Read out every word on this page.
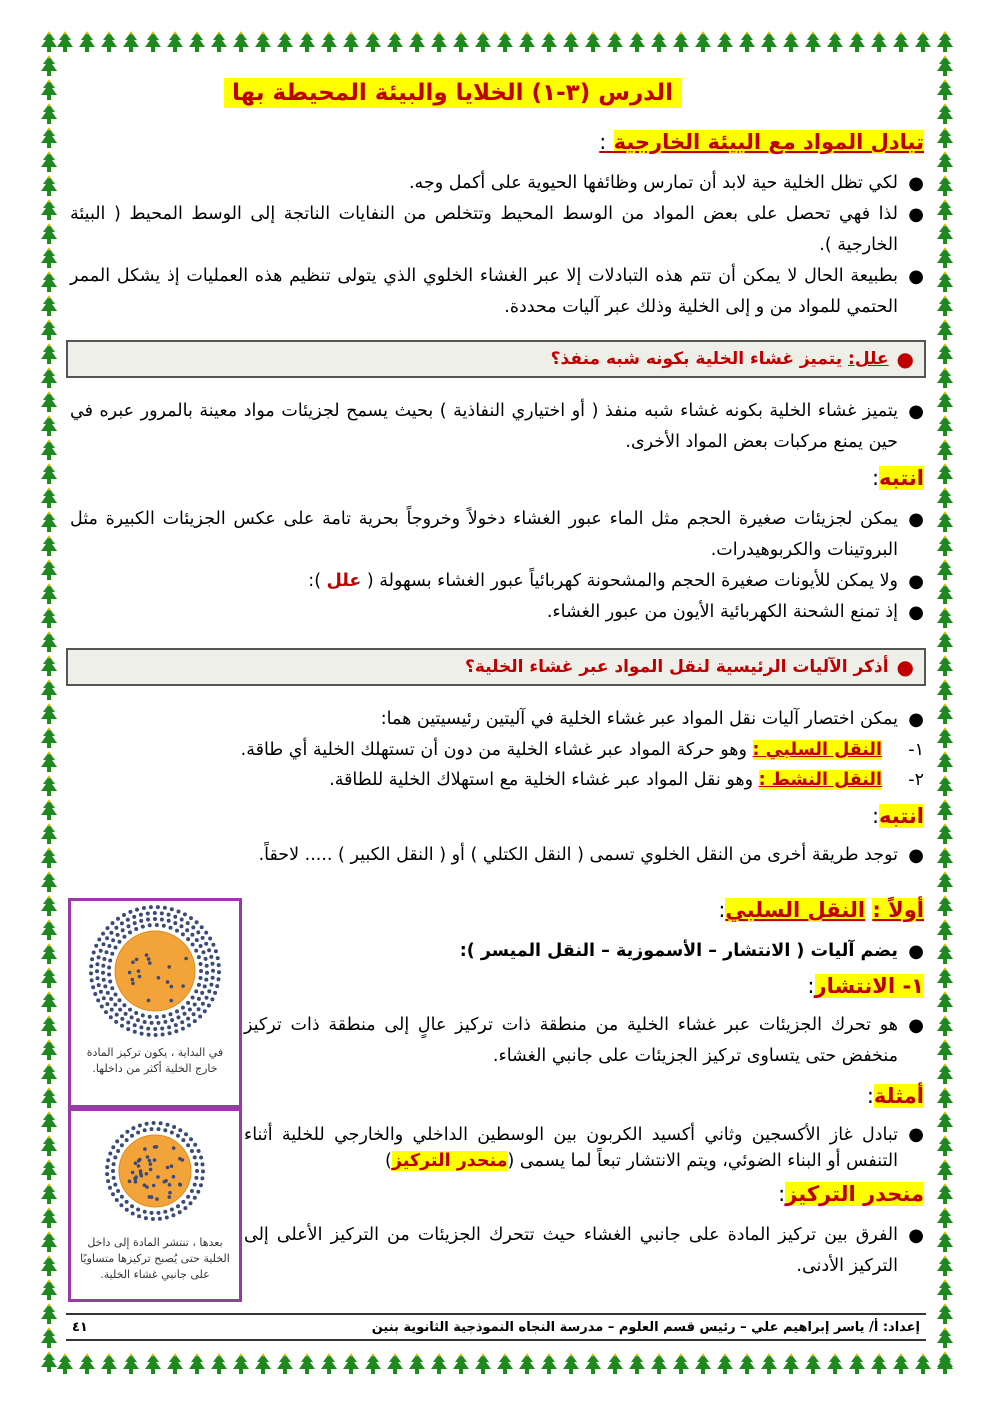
الدرس (٣-١) الخلايا والبيئة المحيطة بها
تبادل المواد مع البيئة الخارجية :
●
لكي تظل الخلية حية لابد أن تمارس وظائفها الحيوية على أكمل وجه.
●
لذا فهي تحصل على بعض المواد من الوسط المحيط وتتخلص من النفايات الناتجة إلى الوسط المحيط ( البيئة الخارجية ).
●
بطبيعة الحال لا يمكن أن تتم هذه التبادلات إلا عبر الغشاء الخلوي الذي يتولى تنظيم هذه العمليات إذ يشكل الممر الحتمي للمواد من و إلى الخلية وذلك عبر آليات محددة.
●
علل:

يتميز غشاء الخلية بكونه شبه منفذ؟
●
يتميز غشاء الخلية بكونه غشاء شبه منفذ ( أو اختياري النفاذية ) بحيث يسمح لجزيئات مواد معينة بالمرور عبره في حين يمنع مركبات بعض المواد الأخرى.
انتبه:
●
يمكن لجزيئات صغيرة الحجم مثل الماء عبور الغشاء دخولاً وخروجاً بحرية تامة على عكس الجزيئات الكبيرة مثل البروتينات والكربوهيدرات.
●
ولا يمكن للأيونات صغيرة الحجم والمشحونة كهربائياً عبور الغشاء بسهولة ( علل ):
●
إذ تمنع الشحنة الكهربائية الأيون من عبور الغشاء.
●
أذكر الآليات الرئيسية لنقل المواد عبر غشاء الخلية؟
●
يمكن اختصار آليات نقل المواد عبر غشاء الخلية في آليتين رئيسيتين هما:
١-
النقل السلبي : وهو حركة المواد عبر غشاء الخلية من دون أن تستهلك الخلية أي طاقة.
٢-
النقل النشط : وهو نقل المواد عبر غشاء الخلية مع استهلاك الخلية للطاقة.
انتبه:
●
توجد طريقة أخرى من النقل الخلوي تسمى ( النقل الكتلي ) أو ( النقل الكبير ) ..... لاحقاً.
أولاً : النقل السلبي:
●
يضم آليات ( الانتشار – الأسموزية – النقل الميسر ):
١- الانتشار:
●
هو تحرك الجزيئات عبر غشاء الخلية من منطقة ذات تركيز عالٍ إلى منطقة ذات تركيز منخفض حتى يتساوى تركيز الجزيئات على جانبي الغشاء.
أمثلة:
●
تبادل غاز الأكسجين وثاني أكسيد الكربون بين الوسطين الداخلي والخارجي للخلية أثناء التنفس أو البناء الضوئي، ويتم الانتشار تبعاً لما يسمى (منحدر التركيز)
منحدر التركيز:
●
الفرق بين تركيز المادة على جانبي الغشاء حيث تتحرك الجزيئات من التركيز الأعلى إلى التركيز الأدنى.
في البداية ، يكون تركيز المادة خارج الخلية أكثر من داخلها.
بعدها ، تنتشر المادة إلى داخل الخلية حتى يُصبح تركيزها متساويًا على جانبي غشاء الخلية.
إعداد: أ/ ياسر إبراهيم علي – رئيس قسم العلوم – مدرسة النجاه النموذجية الثانوية بنين
٤١
